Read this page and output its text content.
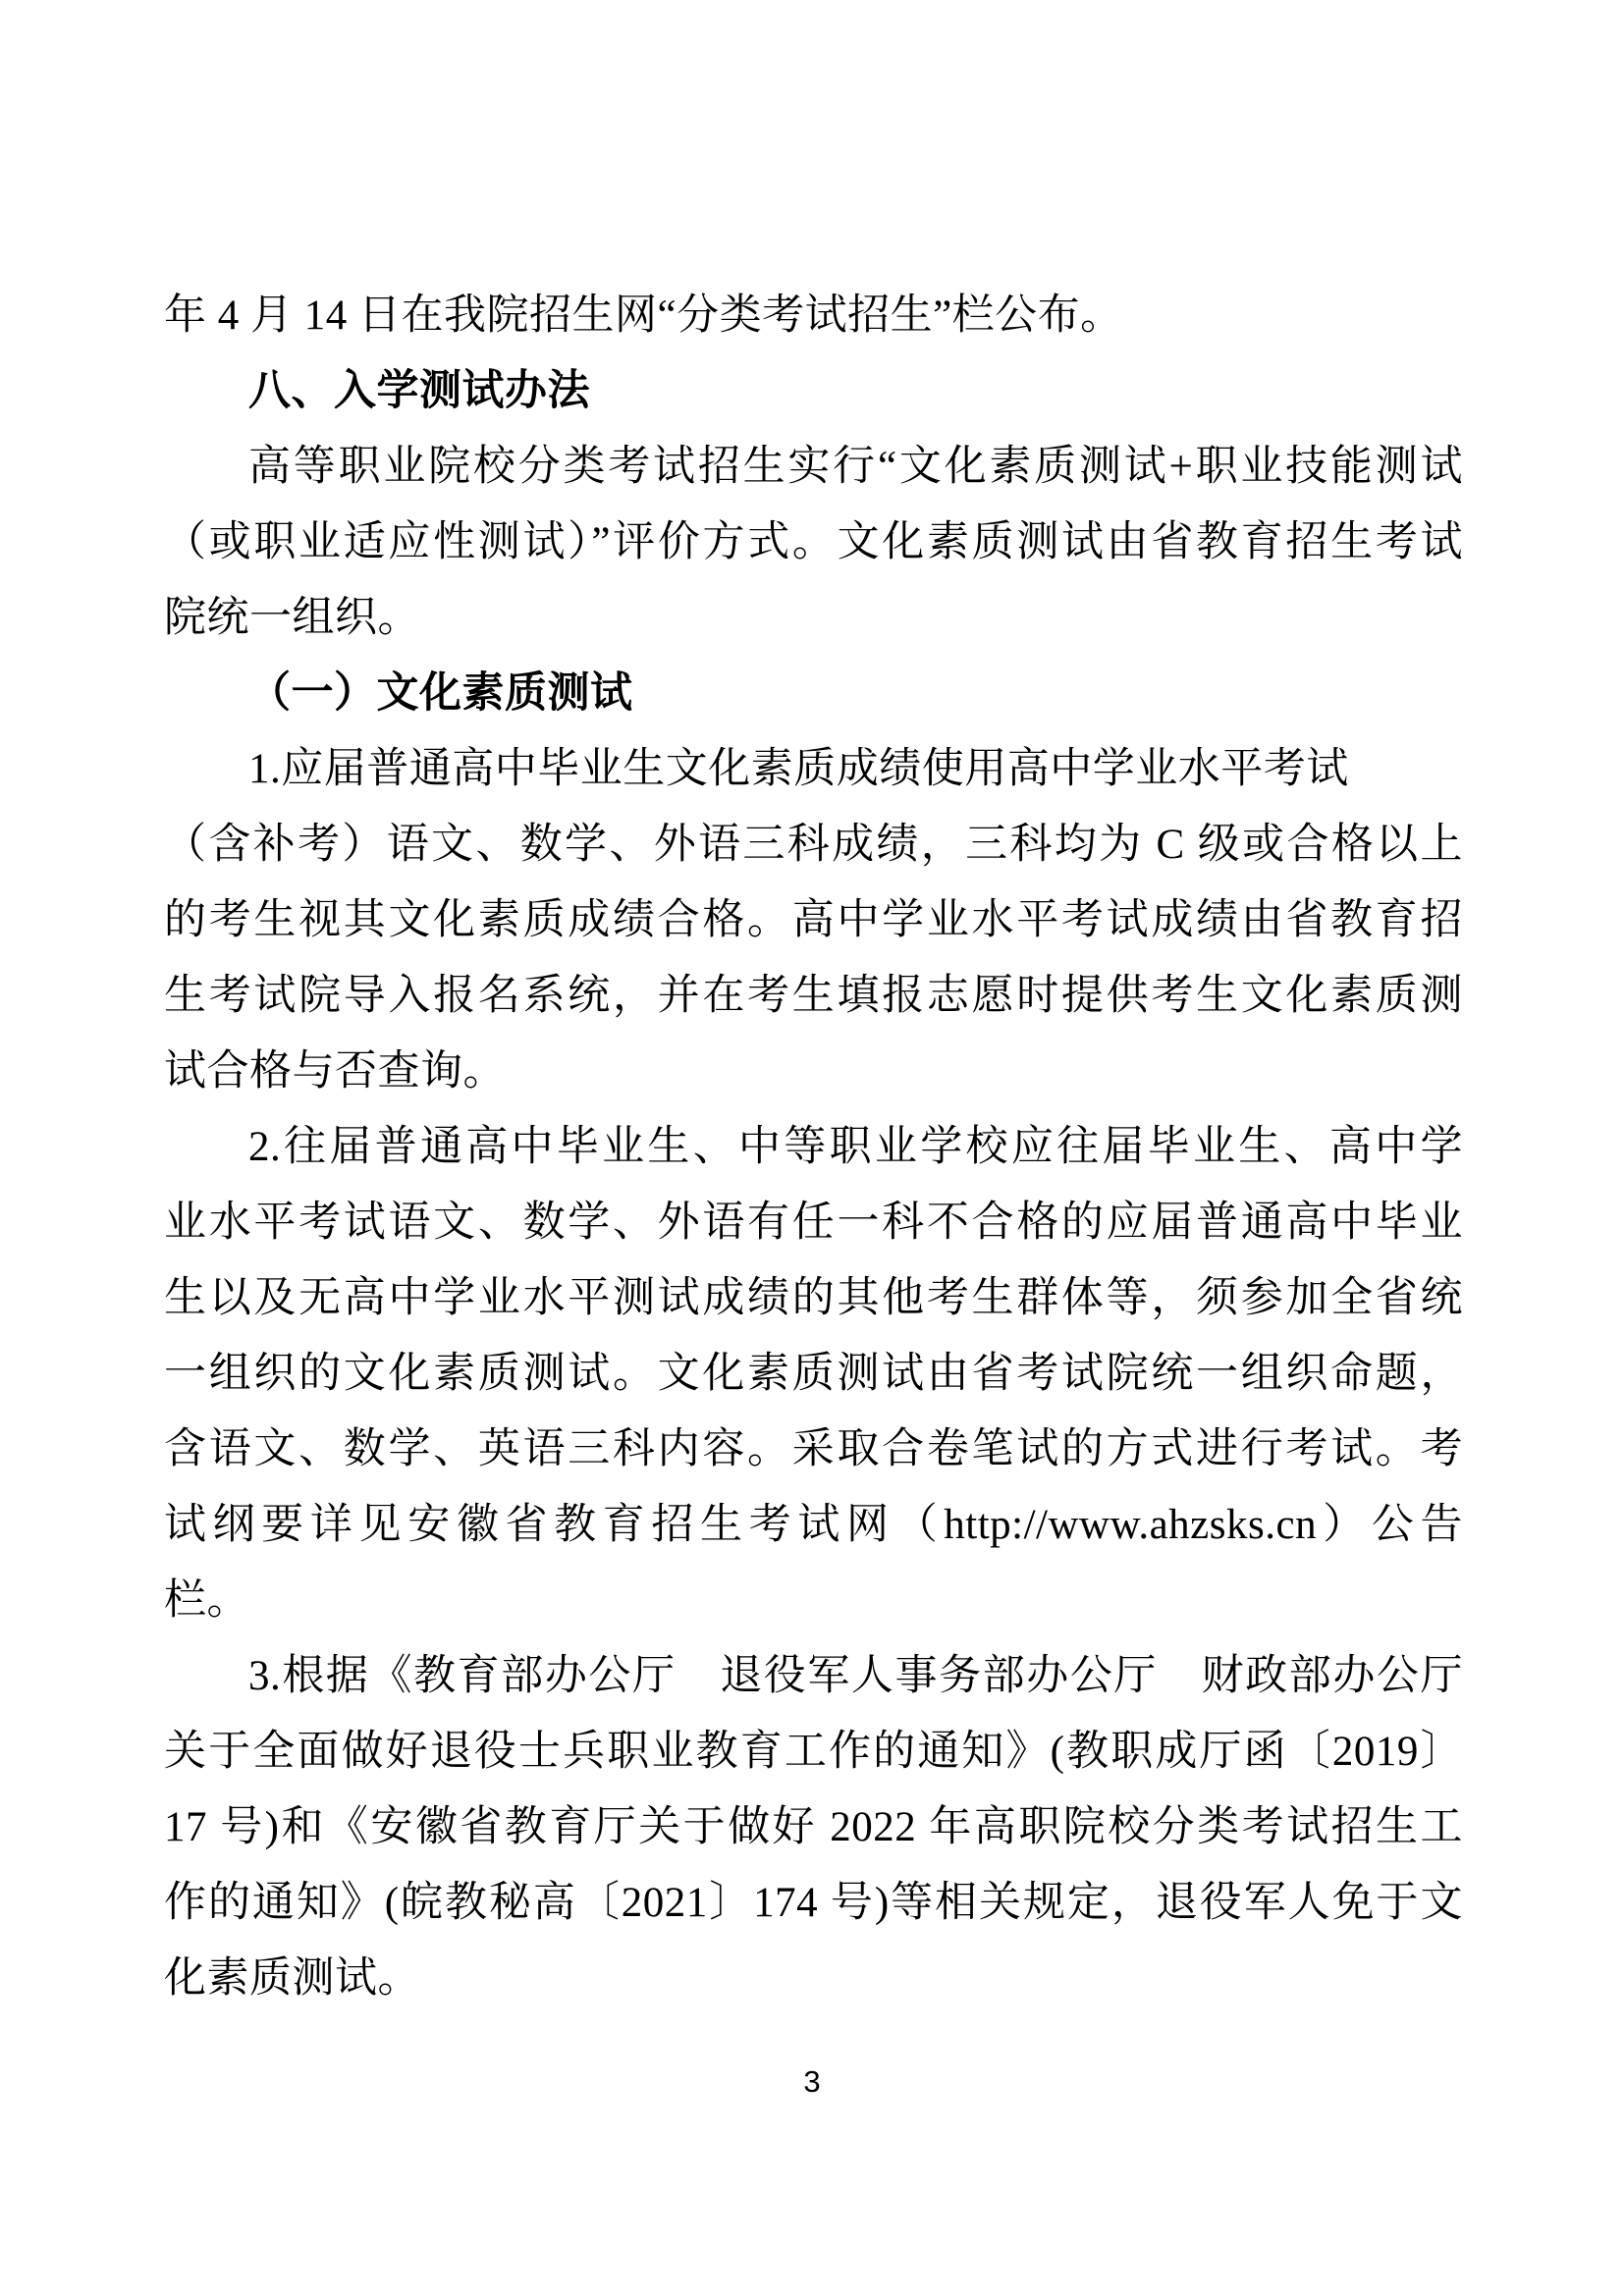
年 4 月 14 日在我院招生网“分类考试招生”栏公布。
八、入学测试办法
高等职业院校分类考试招生实行“文化素质测试+职业技能测试
（或职业适应性测试）”评价方式。文化素质测试由省教育招生考试
院统一组织。
（一）文化素质测试
1.应届普通高中毕业生文化素质成绩使用高中学业水平考试
（含补考）语文、数学、外语三科成绩，三科均为 C 级或合格以上
的考生视其文化素质成绩合格。高中学业水平考试成绩由省教育招
生考试院导入报名系统，并在考生填报志愿时提供考生文化素质测
试合格与否查询。
2.往届普通高中毕业生、中等职业学校应往届毕业生、高中学
业水平考试语文、数学、外语有任一科不合格的应届普通高中毕业
生以及无高中学业水平测试成绩的其他考生群体等，须参加全省统
一组织的文化素质测试。文化素质测试由省考试院统一组织命题，
含语文、数学、英语三科内容。采取合卷笔试的方式进行考试。考
试纲要详见安徽省教育招生考试网（http://www.ahzsks.cn）公告
栏。
3.根据《教育部办公厅　退役军人事务部办公厅　财政部办公厅
关于全面做好退役士兵职业教育工作的通知》(教职成厅函〔2019〕
17 号)和《安徽省教育厅关于做好 2022 年高职院校分类考试招生工
作的通知》(皖教秘高〔2021〕174 号)等相关规定，退役军人免于文
化素质测试。
3
